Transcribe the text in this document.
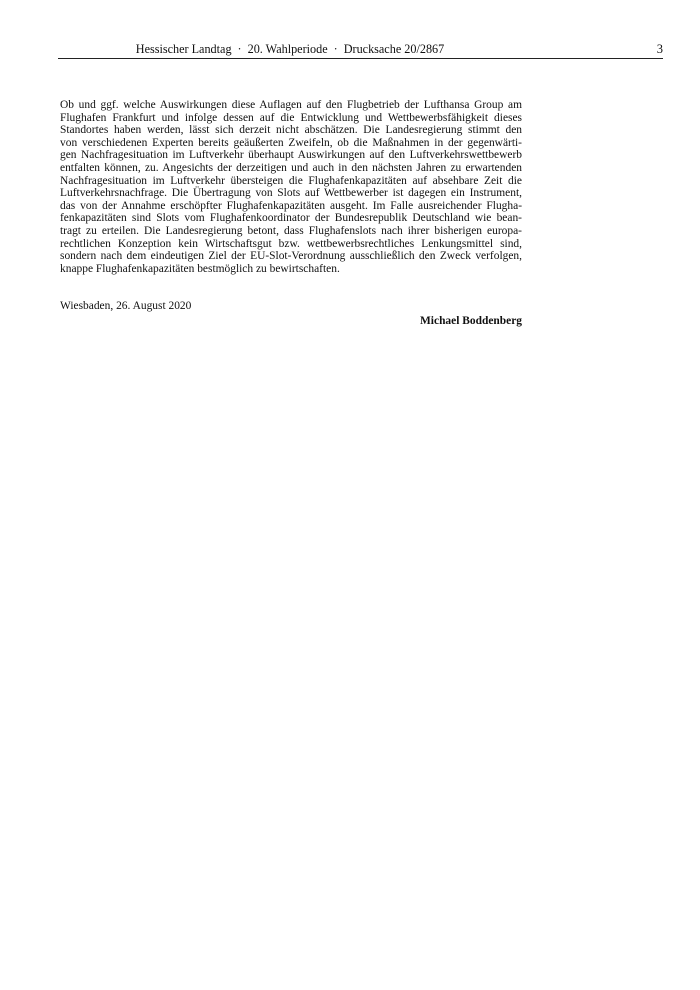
Hessischer Landtag · 20. Wahlperiode · Drucksache 20/2867	3

Ob und ggf. welche Auswirkungen diese Auflagen auf den Flugbetrieb der Lufthansa Group am
Flughafen Frankfurt und infolge dessen auf die Entwicklung und Wettbewerbsfähigkeit dieses
Standortes haben werden, lässt sich derzeit nicht abschätzen. Die Landesregierung stimmt den
von verschiedenen Experten bereits geäußerten Zweifeln, ob die Maßnahmen in der gegenwärti-
gen Nachfragesituation im Luftverkehr überhaupt Auswirkungen auf den Luftverkehrswettbewerb
entfalten können, zu. Angesichts der derzeitigen und auch in den nächsten Jahren zu erwartenden
Nachfragesituation im Luftverkehr übersteigen die Flughafenkapazitäten auf absehbare Zeit die
Luftverkehrsnachfrage. Die Übertragung von Slots auf Wettbewerber ist dagegen ein Instrument,
das von der Annahme erschöpfter Flughafenkapazitäten ausgeht. Im Falle ausreichender Flugha-
fenkapazitäten sind Slots vom Flughafenkoordinator der Bundesrepublik Deutschland wie bean-
tragt zu erteilen. Die Landesregierung betont, dass Flughafenslots nach ihrer bisherigen europa-
rechtlichen Konzeption kein Wirtschaftsgut bzw. wettbewerbsrechtliches Lenkungsmittel sind,
sondern nach dem eindeutigen Ziel der EU-Slot-Verordnung ausschließlich den Zweck verfolgen,
knappe Flughafenkapazitäten bestmöglich zu bewirtschaften.

Wiesbaden, 26. August 2020
Michael Boddenberg
